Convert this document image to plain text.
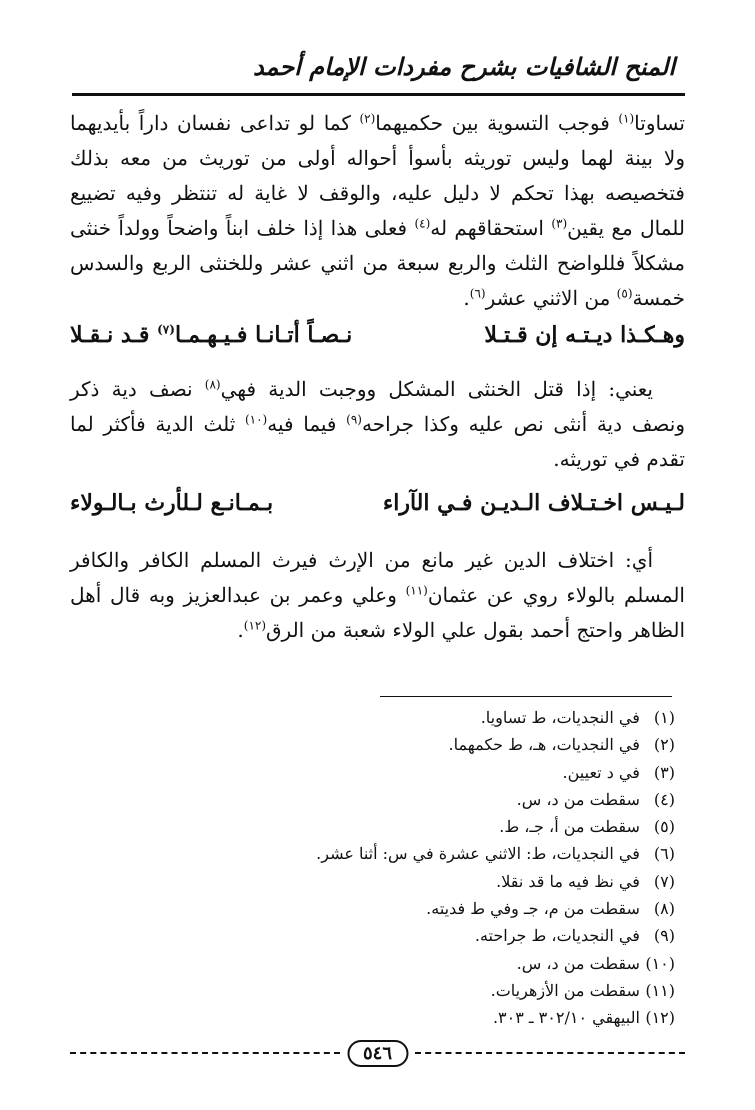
المنح الشافيات بشرح مفردات الإمام أحمد

تساوتا$^{(١)}$ فوجب التسوية بين حكميهما$^{(٢)}$ كما لو تداعى نفسان داراً بأيديهما ولا بينة لهما وليس توريثه بأسوأ أحواله أولى من توريث من معه بذلك فتخصيصه بهذا تحكم لا دليل عليه، والوقف لا غاية له تنتظر وفيه تضييع للمال مع يقين$^{(٣)}$ استحقاقهم له$^{(٤)}$ فعلى هذا إذا خلف ابناً واضحاً وولداً خنثى مشكلاً فللواضح الثلث والربع سبعة من اثني عشر وللخنثى الربع والسدس خمسة$^{(٥)}$ من الاثني عشر$^{(٦)}$.

وهـكـذا ديـتـه إن قـتـلا
نـصـاً أتـانـا فـيـهـمـا$^{(٧)}$ قـد نـقـلا

يعني: إذا قتل الخنثى المشكل ووجبت الدية فهي$^{(٨)}$ نصف دية ذكر ونصف دية أنثى نص عليه وكذا جراحه$^{(٩)}$ فيما فيه$^{(١٠)}$ ثلث الدية فأكثر لما تقدم في توريثه.

لـيـس اخـتـلاف الـديـن فـي الآراء
بـمـانـع لـلأرث بـالـولاء

أي: اختلاف الدين غير مانع من الإرث فيرث المسلم الكافر والكافر المسلم بالولاء روي عن عثمان$^{(١١)}$ وعلي وعمر بن عبدالعزيز وبه قال أهل الظاهر واحتج أحمد بقول علي الولاء شعبة من الرق$^{(١٢)}$.

(١) في النجديات، ط تساويا.
(٢) في النجديات، هـ، ط حكمهما.
(٣) في د تعيين.
(٤) سقطت من د، س.
(٥) سقطت من أ، جـ، ط.
(٦) في النجديات، ط: الاثني عشرة في س: أثنا عشر.
(٧) في نظ فيه ما قد نقلا.
(٨) سقطت من م، جـ وفي ط فديته.
(٩) في النجديات، ط جراحته.
(١٠) سقطت من د، س.
(١١) سقطت من الأزهريات.
(١٢) البيهقي ٣٠٢/١٠ ـ ٣٠٣.
٥٤٦
